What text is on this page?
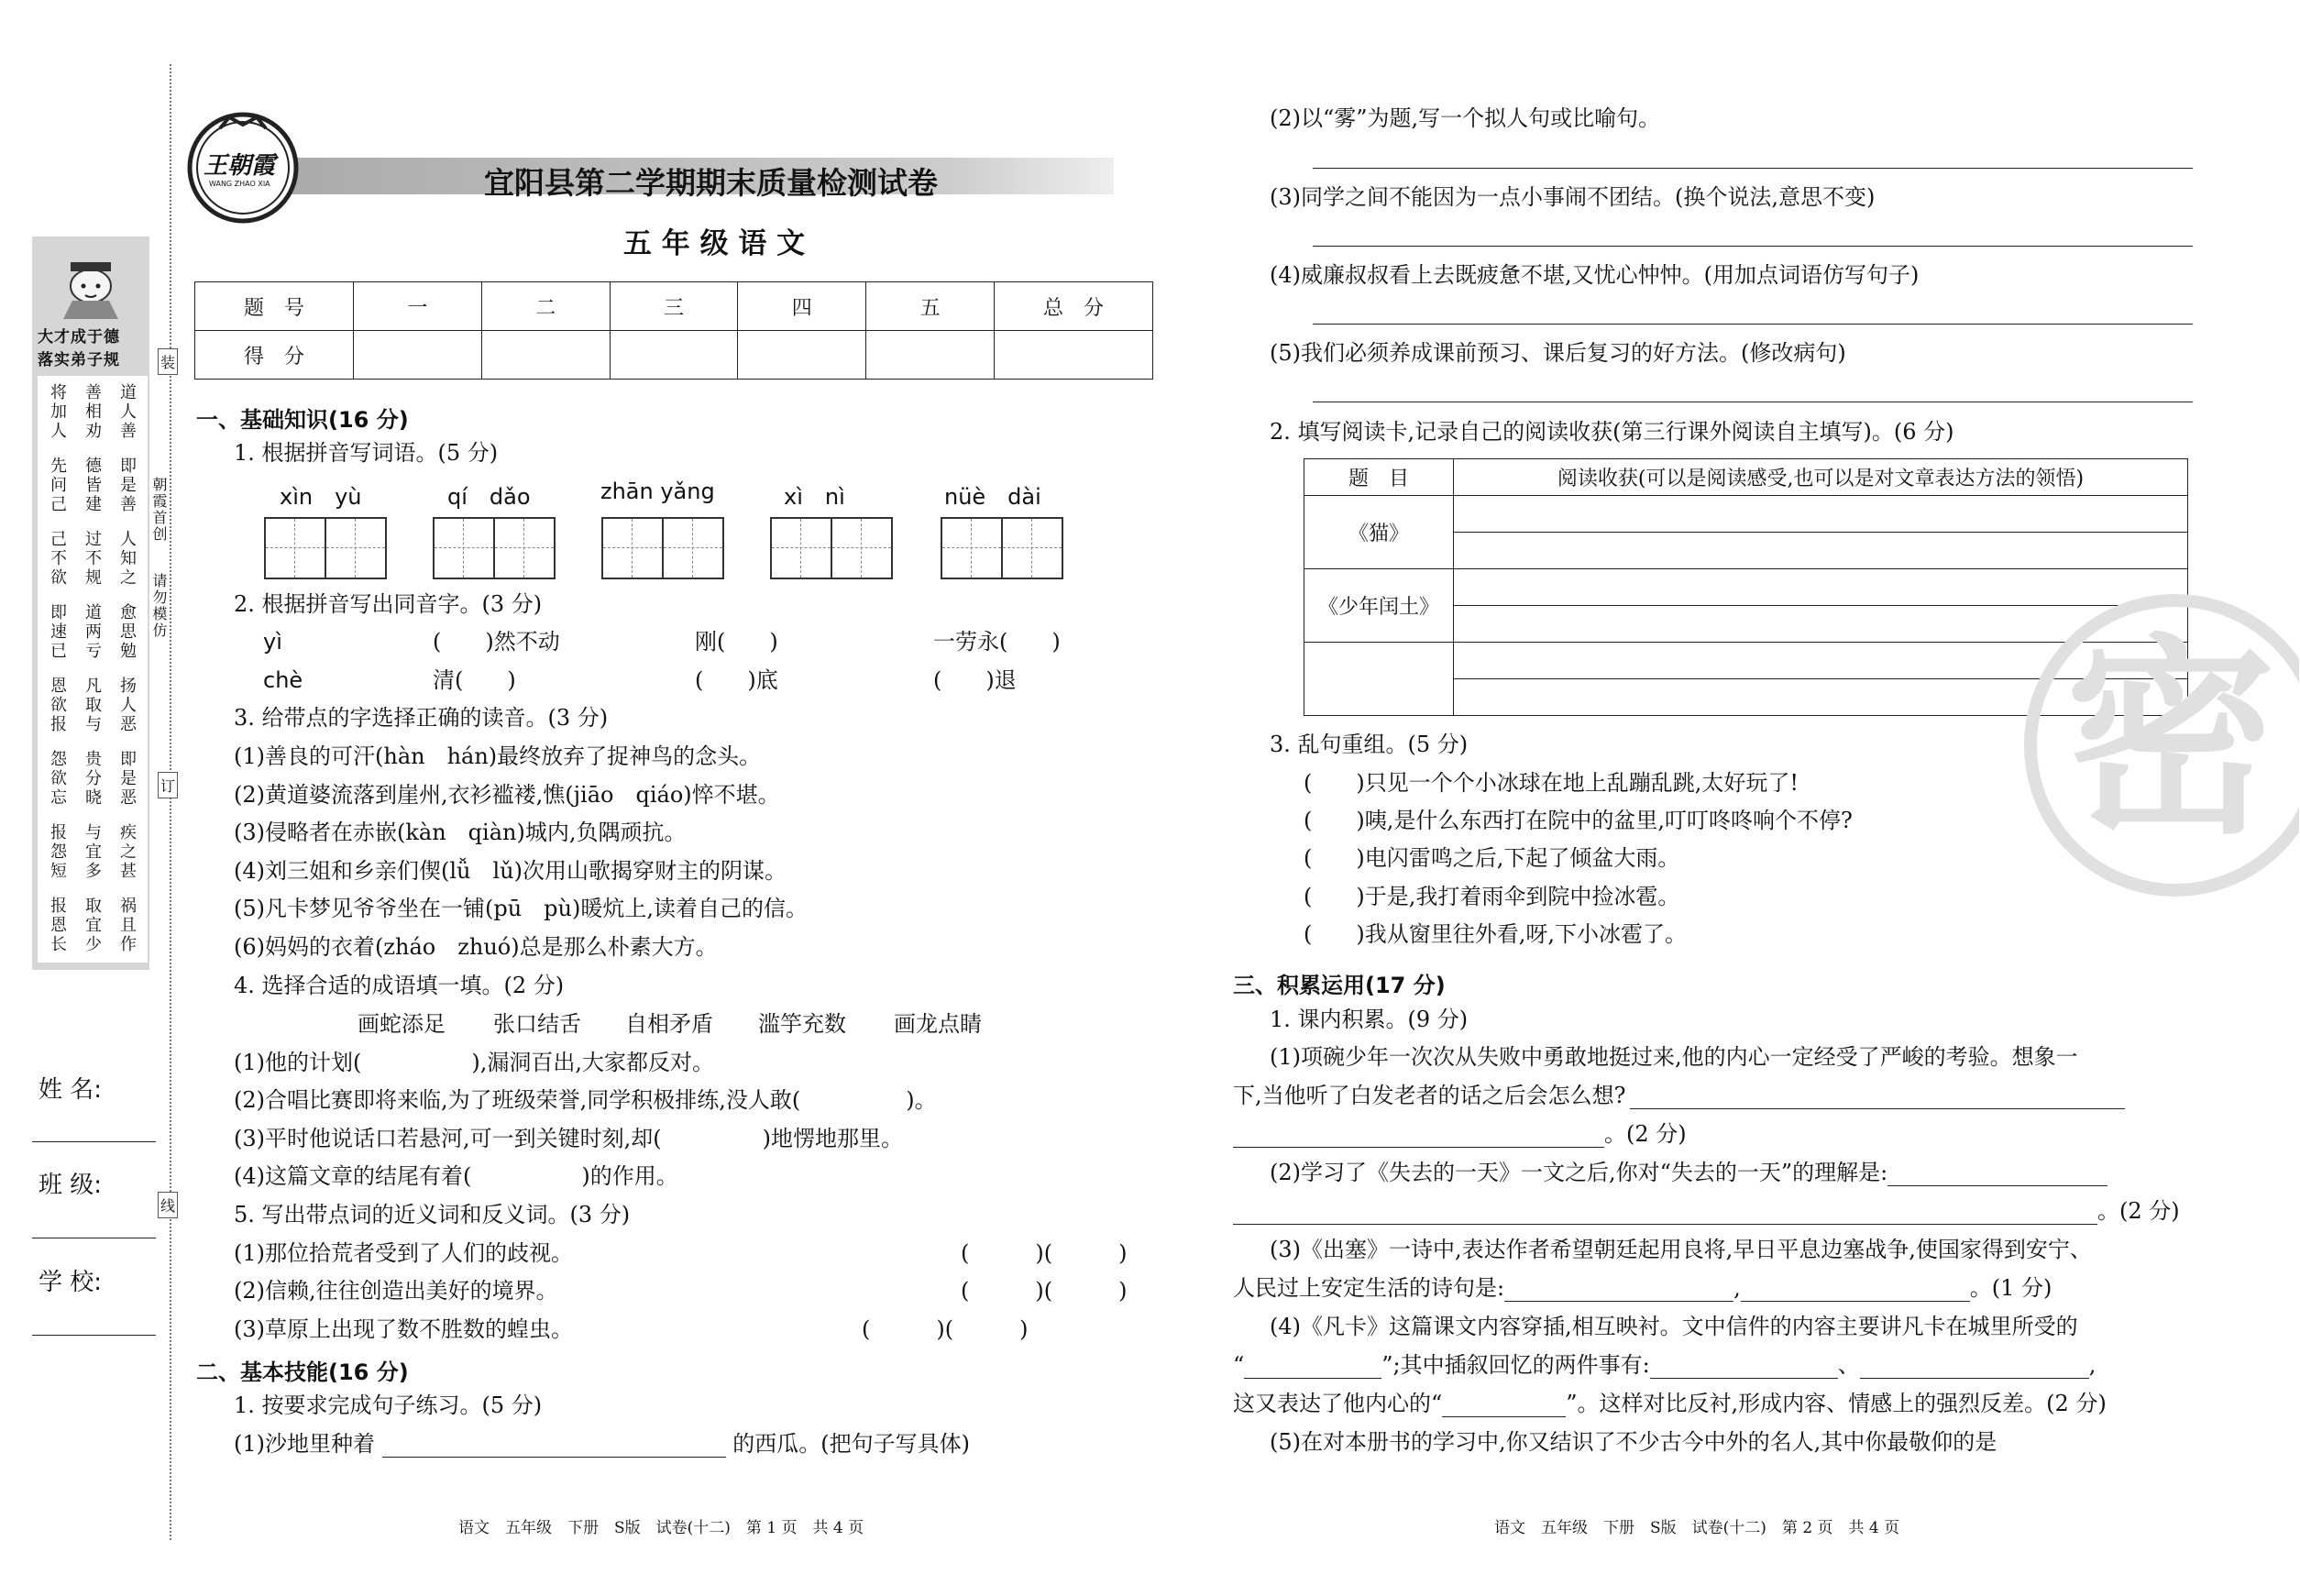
装
订
线
朝霞首创
请勿模仿
大才成于德
落实弟子规
将加人 善相劝 道人善
先问己 德皆建 即是善
己不欲 过不规 人知之
即速已 道两亏 愈思勉
恩欲报 凡取与 扬人恶
怨欲忘 贵分晓 即是恶
报怨短 与宜多 疾之甚
报恩长 取宜少 祸且作
姓 名:
班 级:
学 校:
王朝霞
WANG ZHAO XIA	宜阳县第二学期期末质量检测试卷
五 年 级 语 文
题　号	一	二	三	四	五	总　分
得　分						
一、基础知识(16 分)
1. 根据拼音写词语。(5 分)
xìn　yù	qí　dǎo	zhān yǎng	xì　nì	nüè　dài
2. 根据拼音写出同音字。(3 分)
yì	(　　)然不动	刚(　　)	一劳永(　　)
chè	清(　　)	(　　)底	(　　)退
3. 给带点的字选择正确的读音。(3 分)
(1)善良的可汗(hàn　hán)最终放弃了捉神鸟的念头。
(2)黄道婆流落到崖州,衣衫褴褛,憔(jiāo　qiáo)悴不堪。
(3)侵略者在赤嵌(kàn　qiàn)城内,负隅顽抗。
(4)刘三姐和乡亲们偰(lǚ　lǔ)次用山歌揭穿财主的阴谋。
(5)凡卡梦见爷爷坐在一铺(pū　pù)暖炕上,读着自己的信。
(6)妈妈的衣着(zháo　zhuó)总是那么朴素大方。
4. 选择合适的成语填一填。(2 分)
画蛇添足 张口结舌 自相矛盾 滥竽充数 画龙点睛
(1)他的计划(	),漏洞百出,大家都反对。
(2)合唱比赛即将来临,为了班级荣誉,同学积极排练,没人敢(	)。
(3)平时他说话口若悬河,可一到关键时刻,却(	)地愣地那里。
(4)这篇文章的结尾有着(	)的作用。
5. 写出带点词的近义词和反义词。(3 分)
(1)那位拾荒者受到了人们的歧视。	(　　　)(　　　)
(2)信赖,往往创造出美好的境界。	(　　　)(　　　)
(3)草原上出现了数不胜数的蝗虫。	(　　　)(　　　)
二、基本技能(16 分)
1. 按要求完成句子练习。(5 分)
(1)沙地里种着	的西瓜。(把句子写具体)
语文　五年级　下册　S版　试卷(十二)　第 1 页　共 4 页
(2)以“雾”为题,写一个拟人句或比喻句。
(3)同学之间不能因为一点小事闹不团结。(换个说法,意思不变)
(4)威廉叔叔看上去既疲惫不堪,又忧心忡忡。(用加点词语仿写句子)
(5)我们必须养成课前预习、课后复习的好方法。(修改病句)
2. 填写阅读卡,记录自己的阅读收获(第三行课外阅读自主填写)。(6 分)
题　目	阅读收获(可以是阅读感受,也可以是对文章表达方法的领悟)
《猫》	

《少年闰土》	

3. 乱句重组。(5 分)
(　　)只见一个个小冰球在地上乱蹦乱跳,太好玩了!
(　　)咦,是什么东西打在院中的盆里,叮叮咚咚响个不停?
(　　)电闪雷鸣之后,下起了倾盆大雨。
(　　)于是,我打着雨伞到院中捡冰雹。
(　　)我从窗里往外看,呀,下小冰雹了。
三、积累运用(17 分)
1. 课内积累。(9 分)
(1)项碗少年一次次从失败中勇敢地挺过来,他的内心一定经受了严峻的考验。想象一
下,当他听了白发老者的话之后会怎么想?
。(2 分)
(2)学习了《失去的一天》一文之后,你对“失去的一天”的理解是:
。(2 分)
(3)《出塞》一诗中,表达作者希望朝廷起用良将,早日平息边塞战争,使国家得到安宁、
人民过上安定生活的诗句是:	,	。(1 分)
(4)《凡卡》这篇课文内容穿插,相互映衬。文中信件的内容主要讲凡卡在城里所受的
“	”;其中插叙回忆的两件事有:	、	,
这又表达了他内心的“	”。这样对比反衬,形成内容、情感上的强烈反差。(2 分)
(5)在对本册书的学习中,你又结识了不少古今中外的名人,其中你最敬仰的是
语文　五年级　下册　S版　试卷(十二)　第 2 页　共 4 页
密
